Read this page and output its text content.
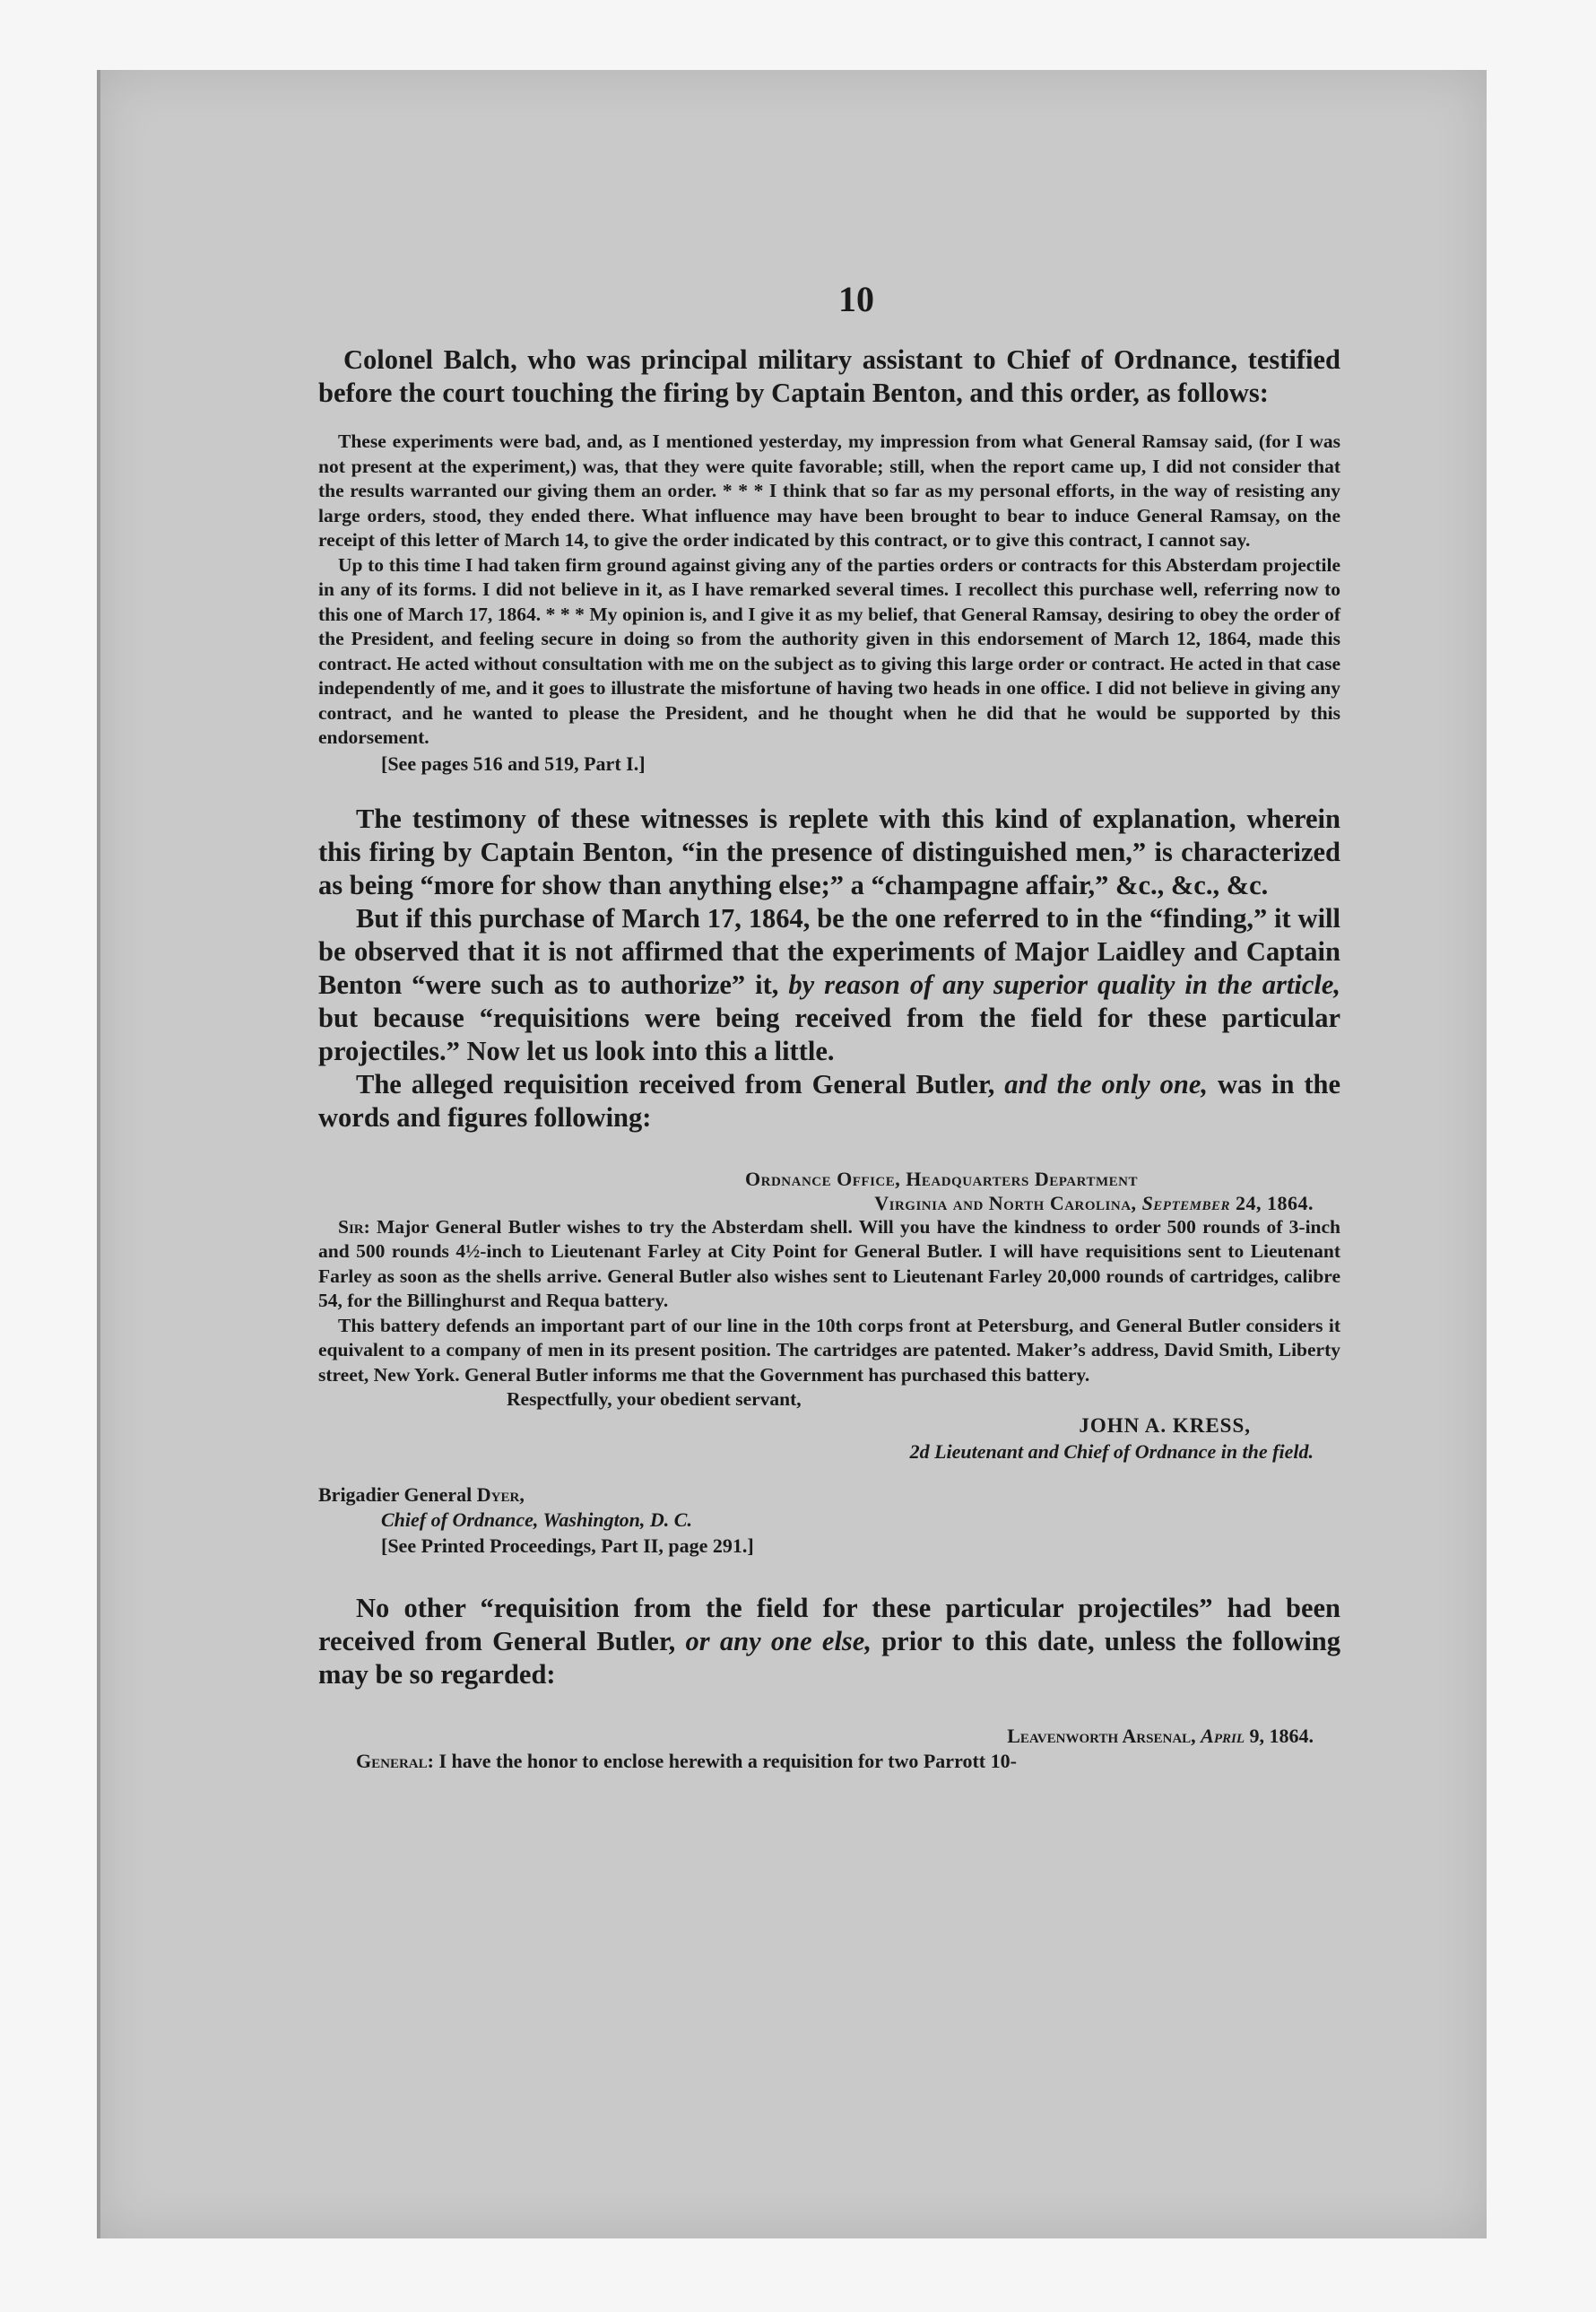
10

Colonel Balch, who was principal military assistant to Chief of Ordnance, testified before the court touching the firing by Captain Benton, and this order, as follows:

These experiments were bad, and, as I mentioned yesterday, my impression from what General Ramsay said, (for I was not present at the experiment,) was, that they were quite favorable; still, when the report came up, I did not consider that the results warranted our giving them an order. * * * I think that so far as my personal efforts, in the way of resisting any large orders, stood, they ended there. What influence may have been brought to bear to induce General Ramsay, on the receipt of this letter of March 14, to give the order indicated by this contract, or to give this contract, I cannot say.

Up to this time I had taken firm ground against giving any of the parties orders or contracts for this Absterdam projectile in any of its forms. I did not believe in it, as I have remarked several times. I recollect this purchase well, referring now to this one of March 17, 1864. * * * My opinion is, and I give it as my belief, that General Ramsay, desiring to obey the order of the President, and feeling secure in doing so from the authority given in this endorsement of March 12, 1864, made this contract. He acted without consultation with me on the subject as to giving this large order or contract. He acted in that case independently of me, and it goes to illustrate the misfortune of having two heads in one office. I did not believe in giving any contract, and he wanted to please the President, and he thought when he did that he would be supported by this endorsement.

[See pages 516 and 519, Part I.]

The testimony of these witnesses is replete with this kind of explanation, wherein this firing by Captain Benton, “in the presence of distinguished men,” is characterized as being “more for show than anything else;” a “champagne affair,” &c., &c., &c.

But if this purchase of March 17, 1864, be the one referred to in the “finding,” it will be observed that it is not affirmed that the experiments of Major Laidley and Captain Benton “were such as to authorize” it, by reason of any superior quality in the article, but because “requisitions were being received from the field for these particular projectiles.” Now let us look into this a little.

The alleged requisition received from General Butler, and the only one, was in the words and figures following:

Ordnance Office, Headquarters Department
Virginia and North Carolina, September 24, 1864.

Sir: Major General Butler wishes to try the Absterdam shell. Will you have the kindness to order 500 rounds of 3-inch and 500 rounds 4½-inch to Lieutenant Farley at City Point for General Butler. I will have requisitions sent to Lieutenant Farley as soon as the shells arrive. General Butler also wishes sent to Lieutenant Farley 20,000 rounds of cartridges, calibre 54, for the Billinghurst and Requa battery.

This battery defends an important part of our line in the 10th corps front at Petersburg, and General Butler considers it equivalent to a company of men in its present position. The cartridges are patented. Maker’s address, David Smith, Liberty street, New York. General Butler informs me that the Government has purchased this battery.

Respectfully, your obedient servant,
JOHN A. KRESS,
2d Lieutenant and Chief of Ordnance in the field.
Brigadier General Dyer,
Chief of Ordnance, Washington, D. C.
[See Printed Proceedings, Part II, page 291.]

No other “requisition from the field for these particular projectiles” had been received from General Butler, or any one else, prior to this date, unless the following may be so regarded:

Leavenworth Arsenal, April 9, 1864.

General: I have the honor to enclose herewith a requisition for two Parrott 10-
